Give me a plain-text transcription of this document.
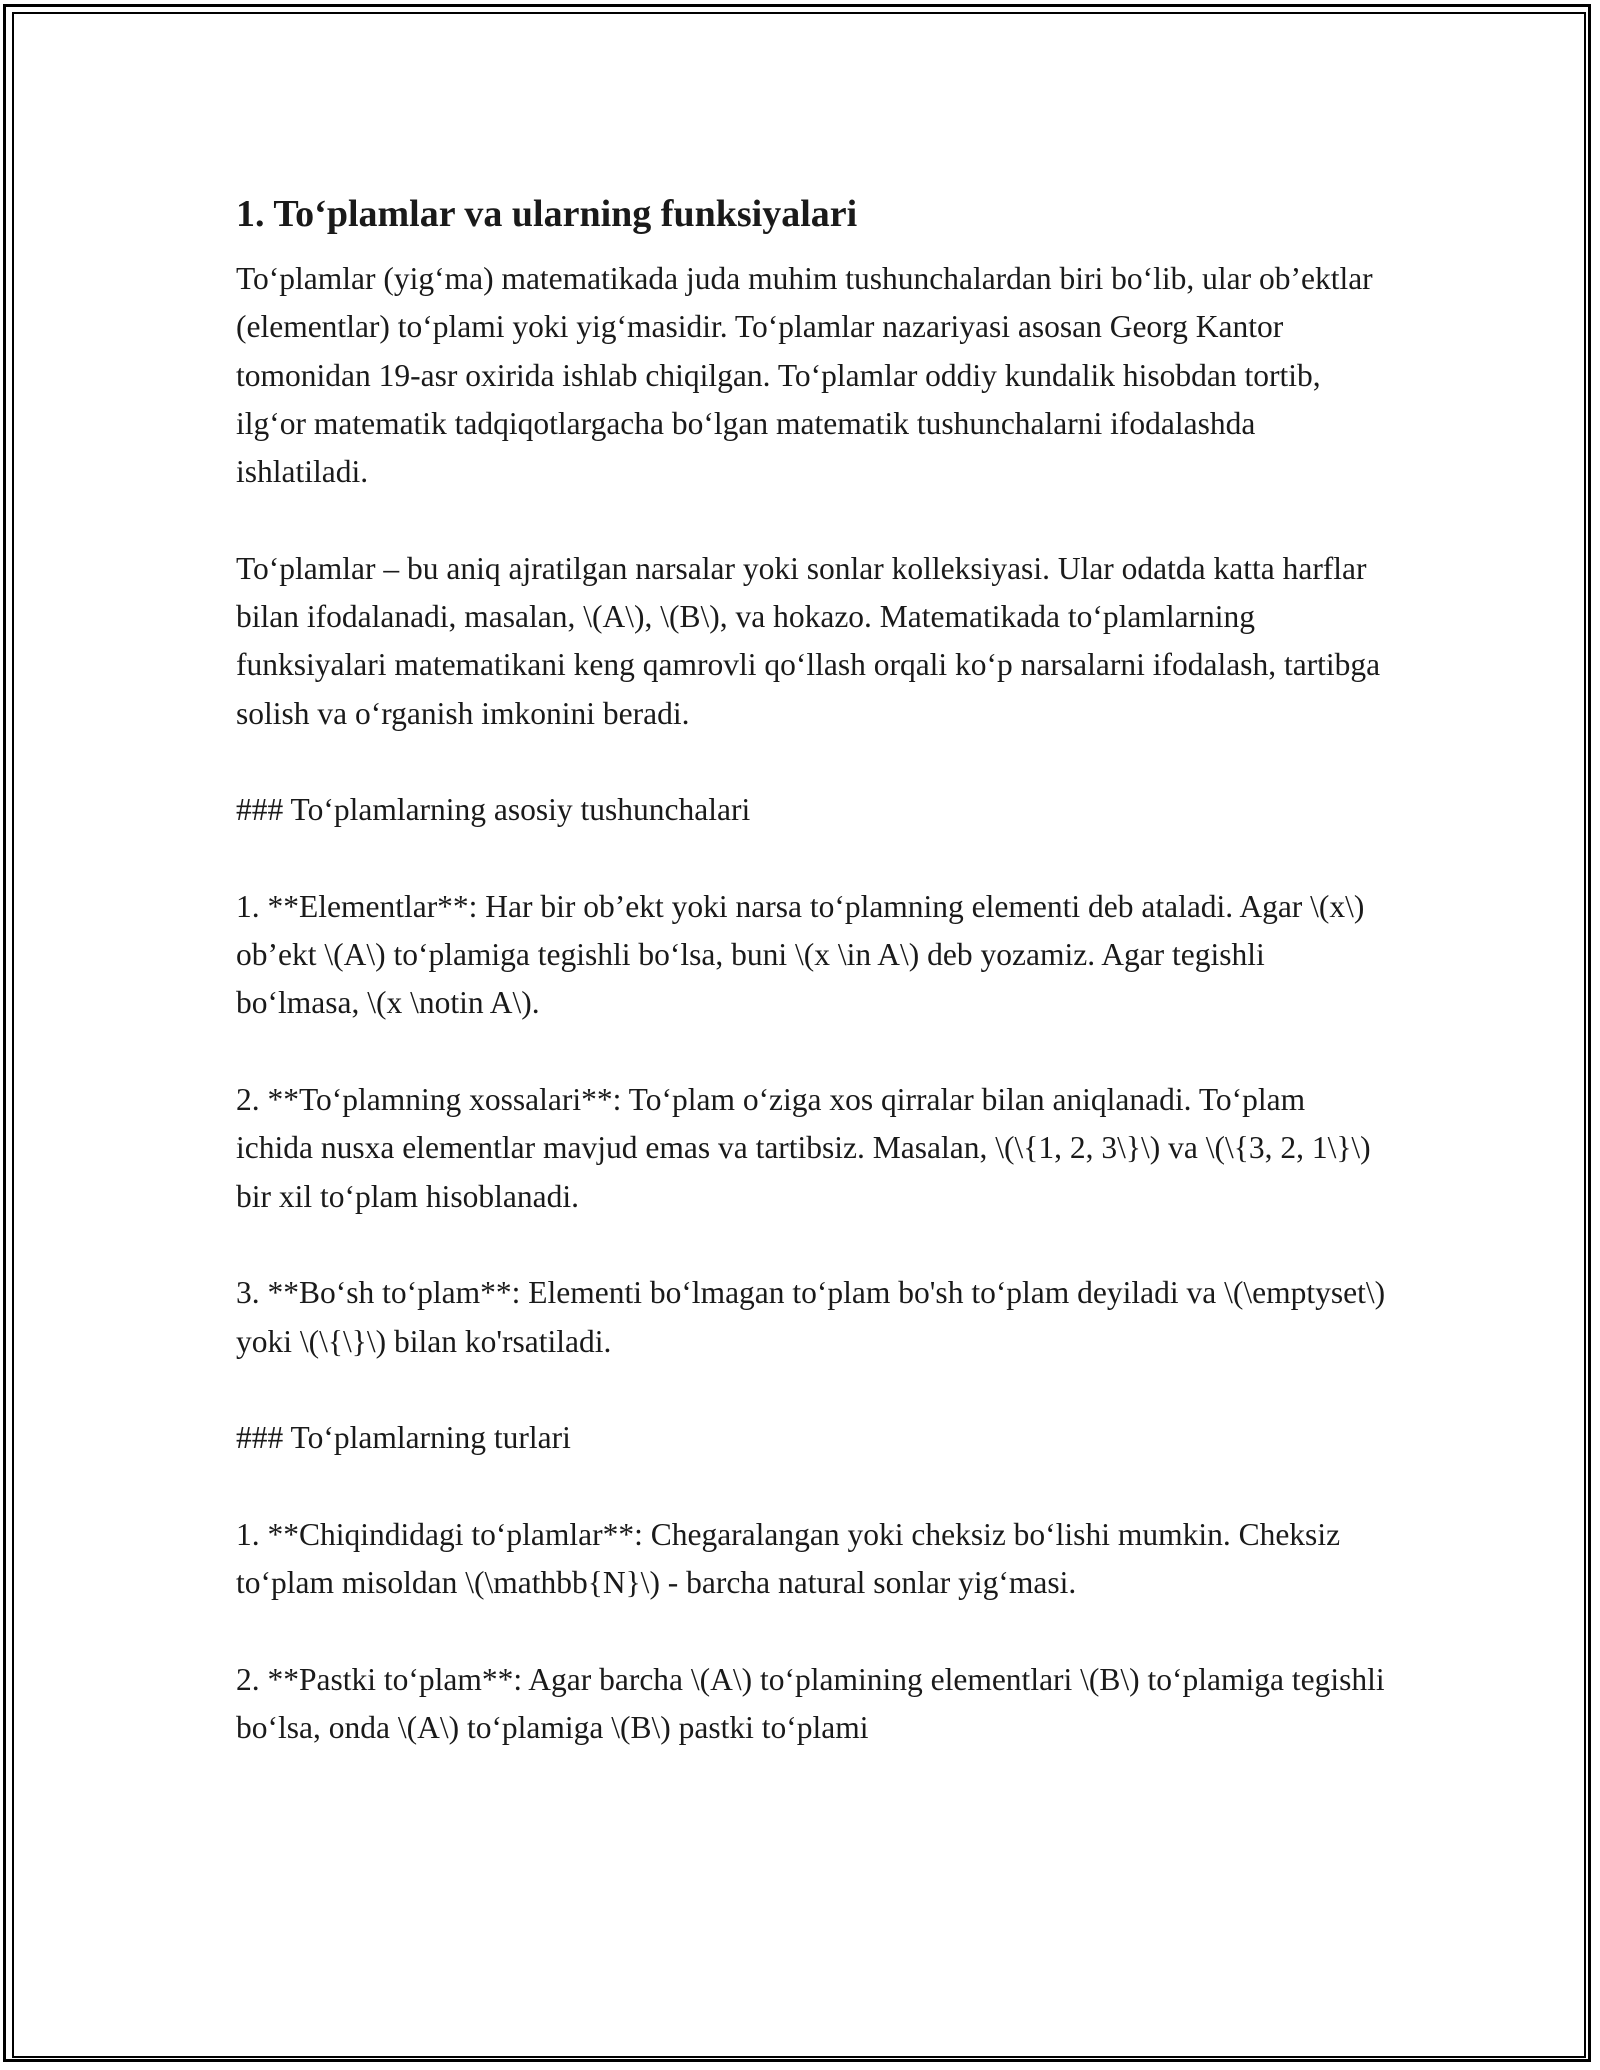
1. To‘plamlar va ularning funksiyalari

To‘plamlar (yig‘ma) matematikada juda muhim tushunchalardan biri bo‘lib, ular ob’ektlar (elementlar) to‘plami yoki yig‘masidir. To‘plamlar nazariyasi asosan Georg Kantor tomonidan 19-asr oxirida ishlab chiqilgan. To‘plamlar oddiy kundalik hisobdan tortib, ilg‘or matematik tadqiqotlargacha bo‘lgan matematik tushunchalarni ifodalashda ishlatiladi.

To‘plamlar – bu aniq ajratilgan narsalar yoki sonlar kolleksiyasi. Ular odatda katta harflar bilan ifodalanadi, masalan, \(A\), \(B\), va hokazo. Matematikada to‘plamlarning funksiyalari matematikani keng qamrovli qo‘llash orqali ko‘p narsalarni ifodalash, tartibga solish va o‘rganish imkonini beradi.

### To‘plamlarning asosiy tushunchalari

1. **Elementlar**: Har bir ob’ekt yoki narsa to‘plamning elementi deb ataladi. Agar \(x\) ob’ekt \(A\) to‘plamiga tegishli bo‘lsa, buni \(x \in A\) deb yozamiz. Agar tegishli bo‘lmasa, \(x \notin A\).

2. **To‘plamning xossalari**: To‘plam o‘ziga xos qirralar bilan aniqlanadi. To‘plam ichida nusxa elementlar mavjud emas va tartibsiz. Masalan, \(\{1, 2, 3\}\) va \(\{3, 2, 1\}\) bir xil to‘plam hisoblanadi.

3. **Bo‘sh to‘plam**: Elementi bo‘lmagan to‘plam bo'sh to‘plam deyiladi va \(\emptyset\) yoki \(\{\}\) bilan ko'rsatiladi.

### To‘plamlarning turlari

1. **Chiqindidagi to‘plamlar**: Chegaralangan yoki cheksiz bo‘lishi mumkin. Cheksiz to‘plam misoldan \(\mathbb{N}\) - barcha natural sonlar yig‘masi.

2. **Pastki to‘plam**: Agar barcha \(A\) to‘plamining elementlari \(B\) to‘plamiga tegishli bo‘lsa, onda \(A\) to‘plamiga \(B\) pastki to‘plami
